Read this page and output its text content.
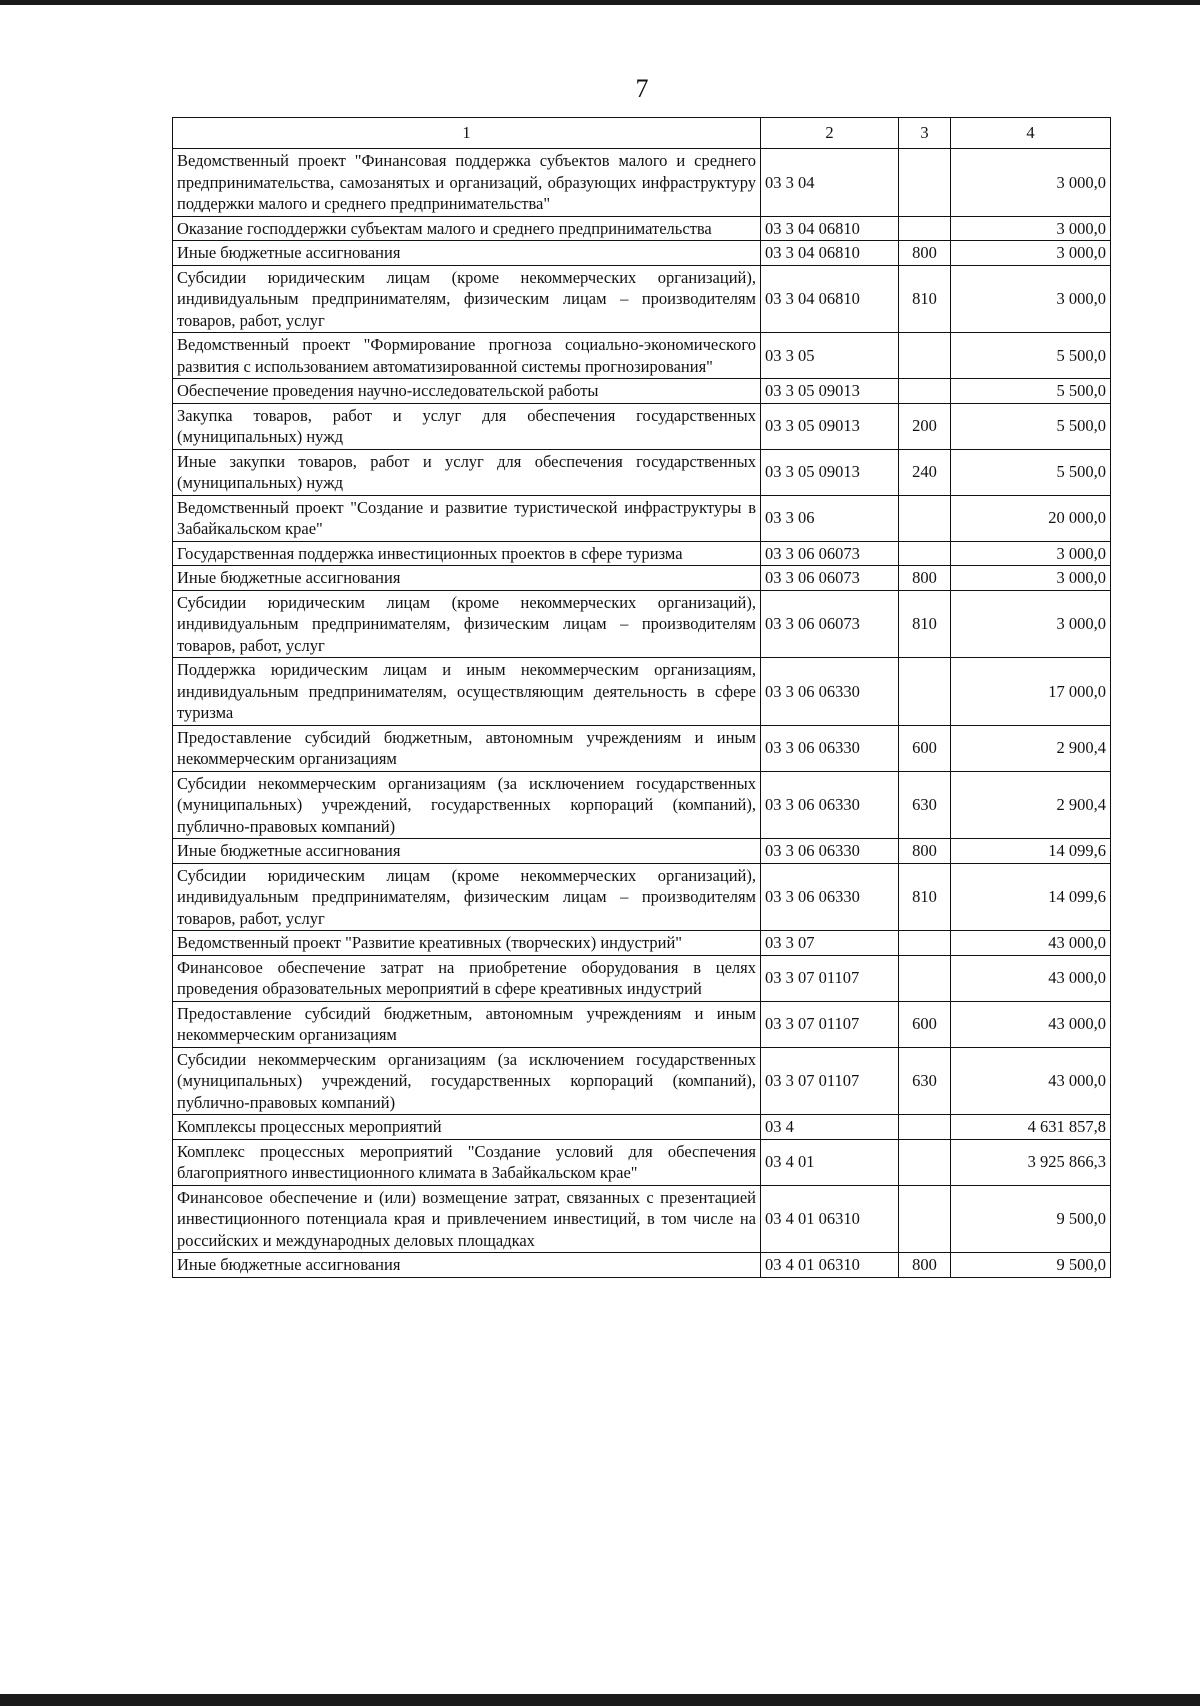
7
1	2	3	4
Ведомственный проект "Финансовая поддержка субъектов малого и среднего предпринимательства, самозанятых и организаций, образующих инфраструктуру поддержки малого и среднего предпринимательства"	03 3 04		3 000,0
Оказание господдержки субъектам малого и среднего предпринимательства	03 3 04 06810		3 000,0
Иные бюджетные ассигнования	03 3 04 06810	800	3 000,0
Субсидии юридическим лицам (кроме некоммерческих организаций), индивидуальным предпринимателям, физическим лицам – производителям товаров, работ, услуг	03 3 04 06810	810	3 000,0
Ведомственный проект "Формирование прогноза социально-экономического развития с использованием автоматизированной системы прогнозирования"	03 3 05		5 500,0
Обеспечение проведения научно-исследовательской работы	03 3 05 09013		5 500,0
Закупка товаров, работ и услуг для обеспечения государственных (муниципальных) нужд	03 3 05 09013	200	5 500,0
Иные закупки товаров, работ и услуг для обеспечения государственных (муниципальных) нужд	03 3 05 09013	240	5 500,0
Ведомственный проект "Создание и развитие туристической инфраструктуры в Забайкальском крае"	03 3 06		20 000,0
Государственная поддержка инвестиционных проектов в сфере туризма	03 3 06 06073		3 000,0
Иные бюджетные ассигнования	03 3 06 06073	800	3 000,0
Субсидии юридическим лицам (кроме некоммерческих организаций), индивидуальным предпринимателям, физическим лицам – производителям товаров, работ, услуг	03 3 06 06073	810	3 000,0
Поддержка юридическим лицам и иным некоммерческим организациям, индивидуальным предпринимателям, осуществляющим деятельность в сфере туризма	03 3 06 06330		17 000,0
Предоставление субсидий бюджетным, автономным учреждениям и иным некоммерческим организациям	03 3 06 06330	600	2 900,4
Субсидии некоммерческим организациям (за исключением государственных (муниципальных) учреждений, государственных корпораций (компаний), публично-правовых компаний)	03 3 06 06330	630	2 900,4
Иные бюджетные ассигнования	03 3 06 06330	800	14 099,6
Субсидии юридическим лицам (кроме некоммерческих организаций), индивидуальным предпринимателям, физическим лицам – производителям товаров, работ, услуг	03 3 06 06330	810	14 099,6
Ведомственный проект "Развитие креативных (творческих) индустрий"	03 3 07		43 000,0
Финансовое обеспечение затрат на приобретение оборудования в целях проведения образовательных мероприятий в сфере креативных индустрий	03 3 07 01107		43 000,0
Предоставление субсидий бюджетным, автономным учреждениям и иным некоммерческим организациям	03 3 07 01107	600	43 000,0
Субсидии некоммерческим организациям (за исключением государственных (муниципальных) учреждений, государственных корпораций (компаний), публично-правовых компаний)	03 3 07 01107	630	43 000,0
Комплексы процессных мероприятий	03 4		4 631 857,8
Комплекс процессных мероприятий "Создание условий для обеспечения благоприятного инвестиционного климата в Забайкальском крае"	03 4 01		3 925 866,3
Финансовое обеспечение и (или) возмещение затрат, связанных с презентацией инвестиционного потенциала края и привлечением инвестиций, в том числе на российских и международных деловых площадках	03 4 01 06310		9 500,0
Иные бюджетные ассигнования	03 4 01 06310	800	9 500,0
